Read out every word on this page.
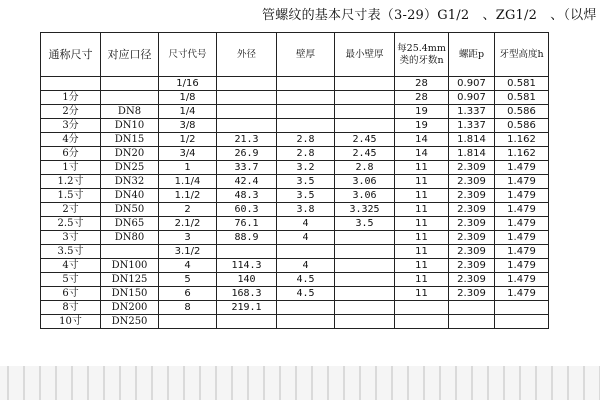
管螺纹的基本尺寸表（3-29）G1/2　、ZG1/2　、（以焊
通称尺寸	对应口径	尺寸代号	外径	壁厚	最小壁厚	每25.4mm类的牙数n	螺距p	牙型高度h
		1/16				28	0.907	0.581
1分		1/8				28	0.907	0.581
2分	DN8	1/4				19	1.337	0.586
3分	DN10	3/8				19	1.337	0.586
4分	DN15	1/2	21.3	2.8	2.45	14	1.814	1.162
6分	DN20	3/4	26.9	2.8	2.45	14	1.814	1.162
1寸	DN25	1	33.7	3.2	2.8	11	2.309	1.479
1.2寸	DN32	1.1/4	42.4	3.5	3.06	11	2.309	1.479
1.5寸	DN40	1.1/2	48.3	3.5	3.06	11	2.309	1.479
2寸	DN50	2	60.3	3.8	3.325	11	2.309	1.479
2.5寸	DN65	2.1/2	76.1	4	3.5	11	2.309	1.479
3寸	DN80	3	88.9	4		11	2.309	1.479
3.5寸		3.1/2				11	2.309	1.479
4寸	DN100	4	114.3	4		11	2.309	1.479
5寸	DN125	5	140	4.5		11	2.309	1.479
6寸	DN150	6	168.3	4.5		11	2.309	1.479
8寸	DN200	8	219.1					
10寸	DN250							
